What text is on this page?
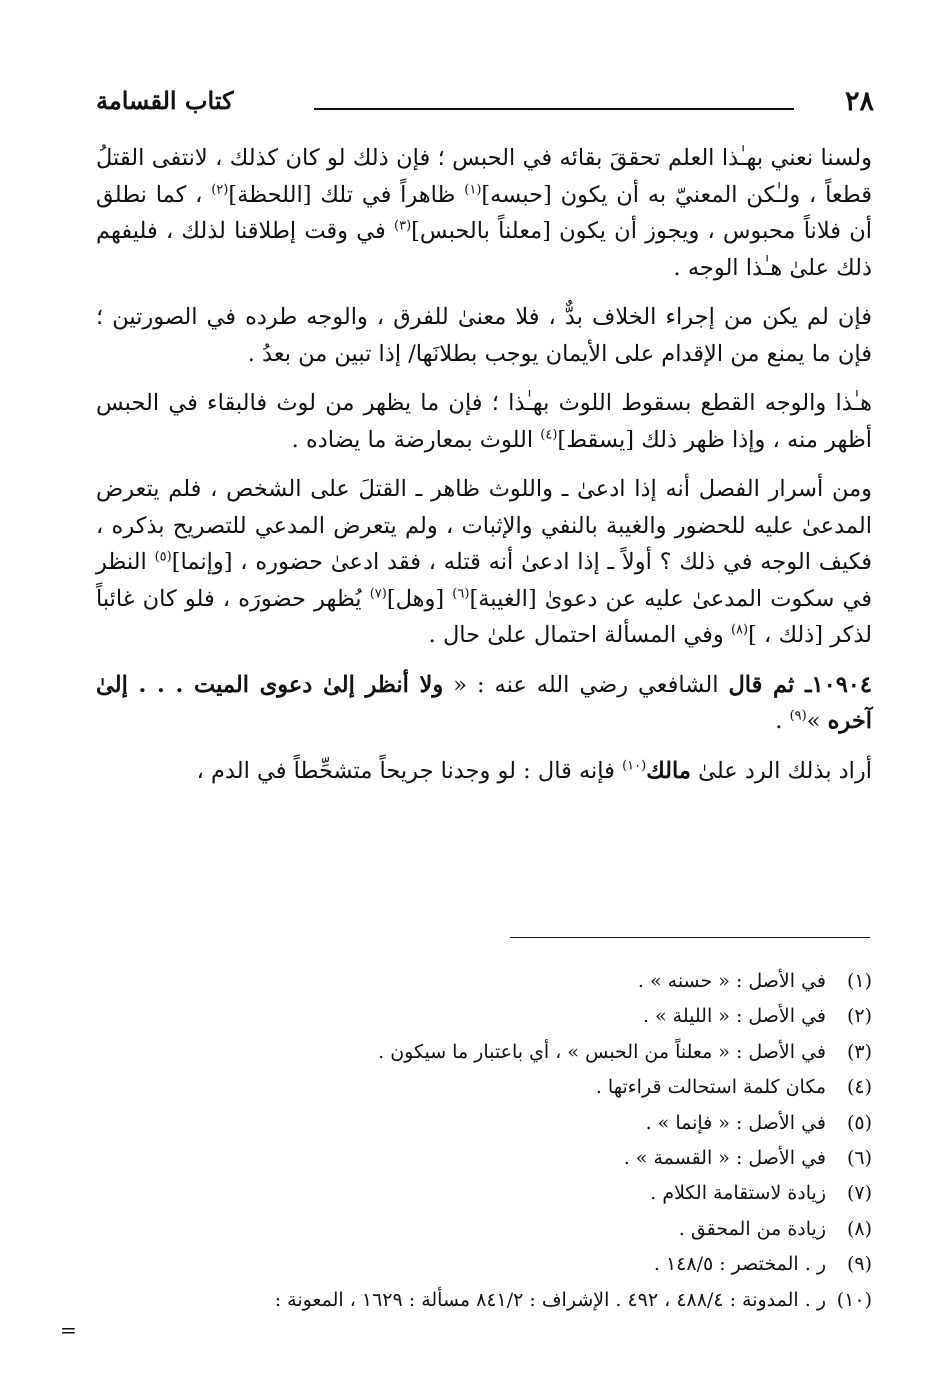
٢٨
كتاب القسامة

ولسنا نعني بهـٰذا العلم تحققَ بقائه في الحبس ؛ فإن ذلك لو كان كذلك ، لانتفى القتلُ قطعاً ، ولـٰكن المعنيّ به أن يكون [حبسه]$^{(١)}$ ظاهراً في تلك [اللحظة]$^{(٢)}$ ، كما نطلق أن فلاناً محبوس ، ويجوز أن يكون [معلناً بالحبس]$^{(٣)}$ في وقت إطلاقنا لذلك ، فليفهم ذلك علىٰ هـٰذا الوجه .

فإن لم يكن من إجراء الخلاف بدٌّ ، فلا معنىٰ للفرق ، والوجه طرده في الصورتين ؛ فإن ما يمنع من الإقدام على الأيمان يوجب بطلانَها/ إذا تبين من بعدُ .

هـٰذا والوجه القطع بسقوط اللوث بهـٰذا ؛ فإن ما يظهر من لوث فالبقاء في الحبس أظهر منه ، وإذا ظهر ذلك [يسقط]$^{(٤)}$ اللوث بمعارضة ما يضاده .

ومن أسرار الفصل أنه إذا ادعىٰ ـ واللوث ظاهر ـ القتلَ على الشخص ، فلم يتعرض المدعىٰ عليه للحضور والغيبة بالنفي والإثبات ، ولم يتعرض المدعي للتصريح بذكره ، فكيف الوجه في ذلك ؟ أولاً ـ إذا ادعىٰ أنه قتله ، فقد ادعىٰ حضوره ، [وإنما]$^{(٥)}$ النظر في سكوت المدعىٰ عليه عن دعوىٰ [الغيبة]$^{(٦)}$ [وهل]$^{(٧)}$ يُظهر حضورَه ، فلو كان غائباً لذكر [ذلك ، ]$^{(٨)}$ وفي المسألة احتمال علىٰ حال .

١٠٩٠٤ـ ثم قال الشافعي رضي الله عنه : « ولا أنظر إلىٰ دعوى الميت . . . إلىٰ آخره »$^{(٩)}$ .

أراد بذلك الرد علىٰ مالك$^{(١٠)}$ فإنه قال : لو وجدنا جريحاً متشحِّطاً في الدم ،

(١)في الأصل : « حسنه » .
(٢)في الأصل : « الليلة » .
(٣)في الأصل : « معلناً من الحبس » ، أي باعتبار ما سيكون .
(٤)مكان كلمة استحالت قراءتها .
(٥)في الأصل : « فإنما » .
(٦)في الأصل : « القسمة » .
(٧)زيادة لاستقامة الكلام .
(٨)زيادة من المحقق .
(٩)ر . المختصر : ١٤٨/٥ .
(١٠)ر . المدونة : ٤٨٨/٤ ، ٤٩٢ . الإشراف : ٨٤١/٢ مسألة : ١٦٢٩ ، المعونة :
=
